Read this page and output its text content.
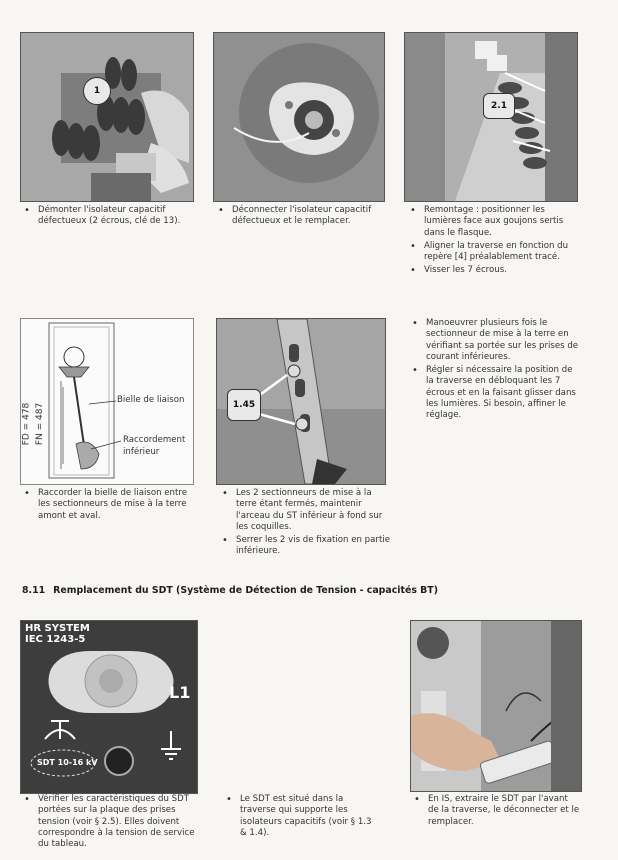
1
2.1
• Démonter l'isolateur capacitif défectueux (2 écrous, clé de 13).
• Déconnecter l'isolateur capacitif défectueux et le remplacer.
• Remontage : positionner les lumières face aux goujons sertis dans le flasque.
• Aligner la traverse en fonction du repère [4] préalablement tracé.
• Visser les 7 écrous.
FD = 478 FN = 487
Bielle de liaison
Raccordement
inférieur
1.45
• Raccorder la bielle de liaison entre les sectionneurs de mise à la terre amont et aval.
• Les 2 sectionneurs de mise à la terre étant fermés, maintenir l'arceau du ST inférieur à fond sur les coquilles.
• Serrer les 2 vis de fixation en partie inférieure.
• Manoeuvrer plusieurs fois le sectionneur de mise à la terre en vérifiant sa portée sur les prises de courant inférieures.
• Régler si nécessaire la position de la traverse en débloquant les 7 écrous et en la faisant glisser dans les lumières. Si besoin, affiner le réglage.
8.11 Remplacement du SDT (Système de Détection de Tension - capacités BT)
HR SYSTEM
IEC 1243-5
L1
SDT 10-16 kV
• Vérifier les caractéristiques du SDT portées sur la plaque des prises tension (voir § 2.5). Elles doivent correspondre à la tension de service du tableau.
• Le SDT est situé dans la traverse qui supporte les isolateurs capacitifs (voir § 1.3 & 1.4).
• En IS, extraire le SDT par l'avant de la traverse, le déconnecter et le remplacer.
